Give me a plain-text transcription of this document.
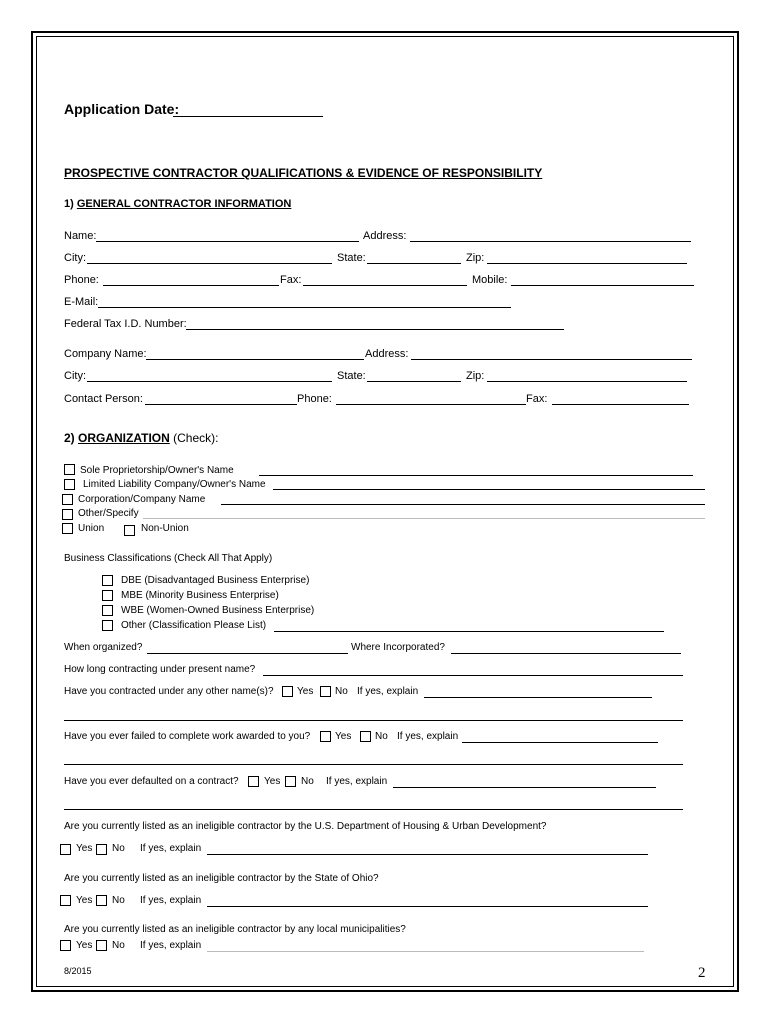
Application Date:
PROSPECTIVE CONTRACTOR QUALIFICATIONS & EVIDENCE OF RESPONSIBILITY
1) GENERAL CONTRACTOR INFORMATION
Name:	Address:
City:	State:	Zip:
Phone:	Fax:	Mobile:
E-Mail:
Federal Tax I.D. Number:
Company Name:	Address:
City:	State:	Zip:
Contact Person:	Phone:	Fax:
2) ORGANIZATION (Check):
Sole Proprietorship/Owner's Name
Limited Liability Company/Owner's Name
Corporation/Company Name
Other/Specify
Union	Non-Union
Business Classifications (Check All That Apply)
DBE (Disadvantaged Business Enterprise)
MBE (Minority Business Enterprise)
WBE (Women-Owned Business Enterprise)
Other (Classification Please List)
When organized?	Where Incorporated?
How long contracting under present name?
Have you contracted under any other name(s)? Yes No If yes, explain
Have you ever failed to complete work awarded to you? Yes No If yes, explain
Have you ever defaulted on a contract?	Yes No If yes, explain
Are you currently listed as an ineligible contractor by the U.S. Department of Housing & Urban Development?
Yes No If yes, explain
Are you currently listed as an ineligible contractor by the State of Ohio?
Yes No If yes, explain
Are you currently listed as an ineligible contractor by any local municipalities?
Yes No If yes, explain
8/2015	2
